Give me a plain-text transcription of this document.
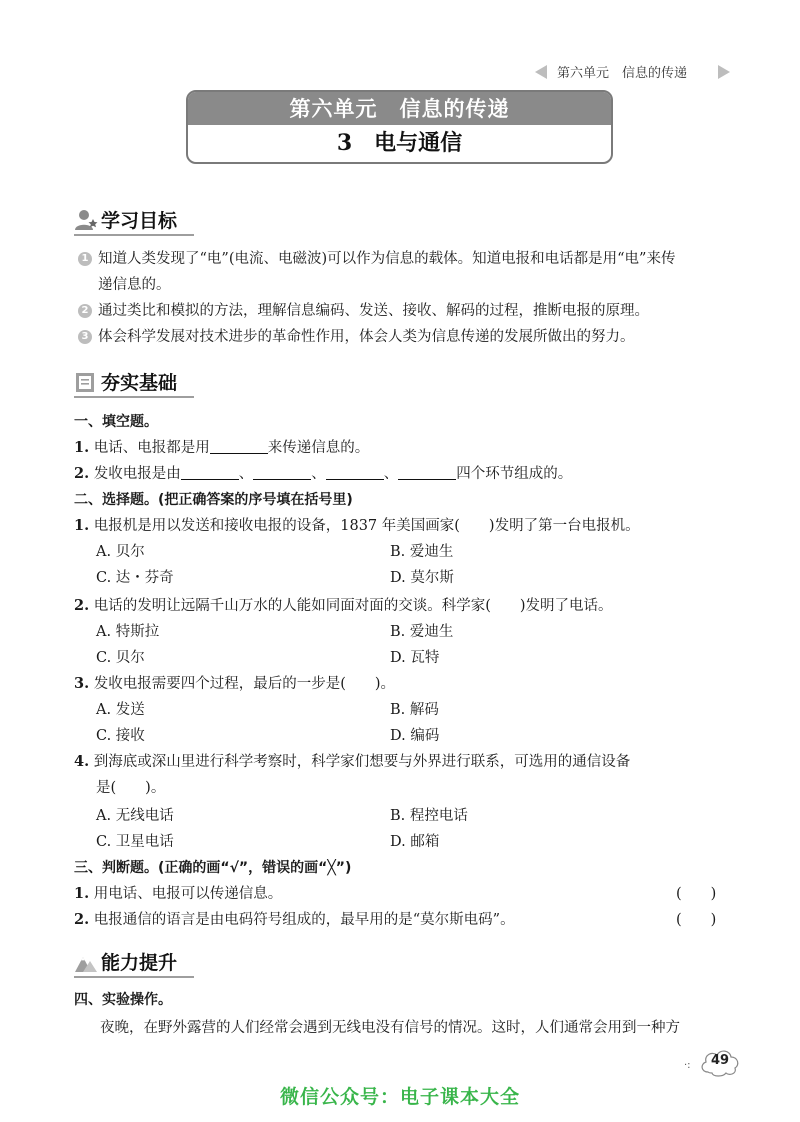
第六单元　信息的传递
第六单元　信息的传递
3　电与通信
学习目标
1 知道人类发现了“电”(电流、电磁波)可以作为信息的载体。知道电报和电话都是用“电”来传
递信息的。
2 通过类比和模拟的方法，理解信息编码、发送、接收、解码的过程，推断电报的原理。
3 体会科学发展对技术进步的革命性作用，体会人类为信息传递的发展所做出的努力。
夯实基础
一、填空题。
1. 电话、电报都是用	来传递信息的。
2. 发收电报是由	、	、	、	四个环节组成的。
二、选择题。(把正确答案的序号填在括号里)
1. 电报机是用以发送和接收电报的设备，1837 年美国画家(　　)发明了第一台电报机。
A. 贝尔	B. 爱迪生
C. 达・芬奇	D. 莫尔斯
2. 电话的发明让远隔千山万水的人能如同面对面的交谈。科学家(　　)发明了电话。
A. 特斯拉	B. 爱迪生
C. 贝尔	D. 瓦特
3. 发收电报需要四个过程，最后的一步是(　　)。
A. 发送	B. 解码
C. 接收	D. 编码
4. 到海底或深山里进行科学考察时，科学家们想要与外界进行联系，可选用的通信设备
是(　　)。
A. 无线电话	B. 程控电话
C. 卫星电话	D. 邮箱
三、判断题。(正确的画“√”，错误的画“╳”)
1. 用电话、电报可以传递信息。	(　　)
2. 电报通信的语言是由电码符号组成的，最早用的是“莫尔斯电码”。	(　　)
能力提升
四、实验操作。
夜晚，在野外露营的人们经常会遇到无线电没有信号的情况。这时，人们通常会用到一种方
·:	49
微信公众号：电子课本大全
